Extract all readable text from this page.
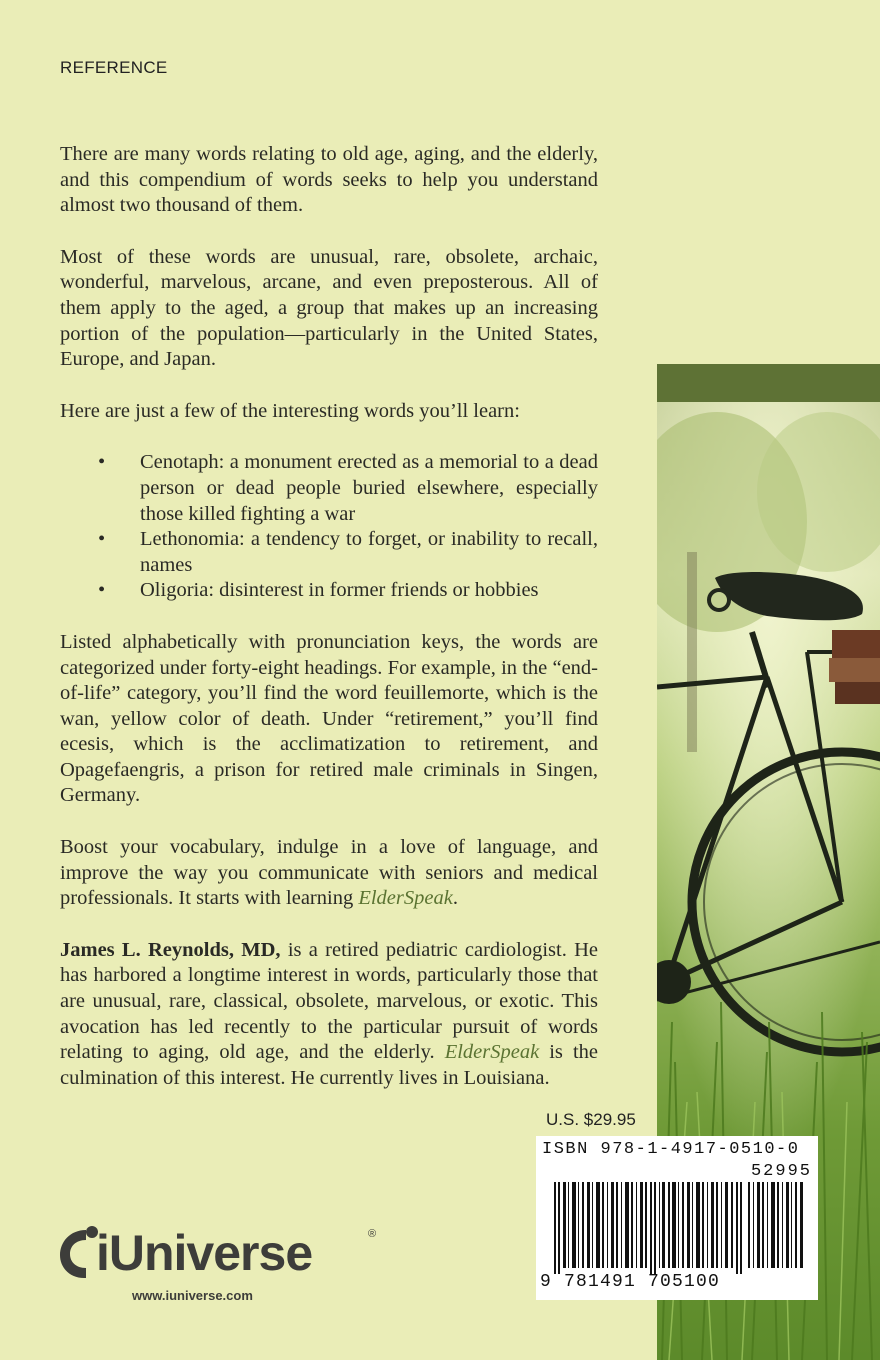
REFERENCE

There are many words relating to old age, aging, and the elderly, and this compendium of words seeks to help you understand almost two thousand of them.

Most of these words are unusual, rare, obsolete, archaic, wonderful, marvelous, arcane, and even preposterous. All of them apply to the aged, a group that makes up an increasing portion of the population—particularly in the United States, Europe, and Japan.

Here are just a few of the interesting words you’ll learn:

• Cenotaph: a monument erected as a memorial to a dead person or dead people buried elsewhere, especially those killed fighting a war
• Lethonomia: a tendency to forget, or inability to recall, names
• Oligoria: disinterest in former friends or hobbies

Listed alphabetically with pronunciation keys, the words are categorized under forty-eight headings. For example, in the “end-of-life” category, you’ll find the word feuillemorte, which is the wan, yellow color of death. Under “retirement,” you’ll find ecesis, which is the acclimatization to retirement, and Opagefaengris, a prison for retired male criminals in Singen, Germany.

Boost your vocabulary, indulge in a love of language, and improve the way you communicate with seniors and medical professionals. It starts with learning ElderSpeak.

James L. Reynolds, MD, is a retired pediatric cardiologist. He has harbored a longtime interest in words, particularly those that are unusual, rare, classical, obsolete, marvelous, or exotic. This avocation has led recently to the particular pursuit of words relating to aging, old age, and the elderly. ElderSpeak is the culmination of this interest. He currently lives in Louisiana.

U.S. $29.95
ISBN 978-1-4917-0510-0
52995
9 781491 705100
iUniverse	®
www.iuniverse.com
